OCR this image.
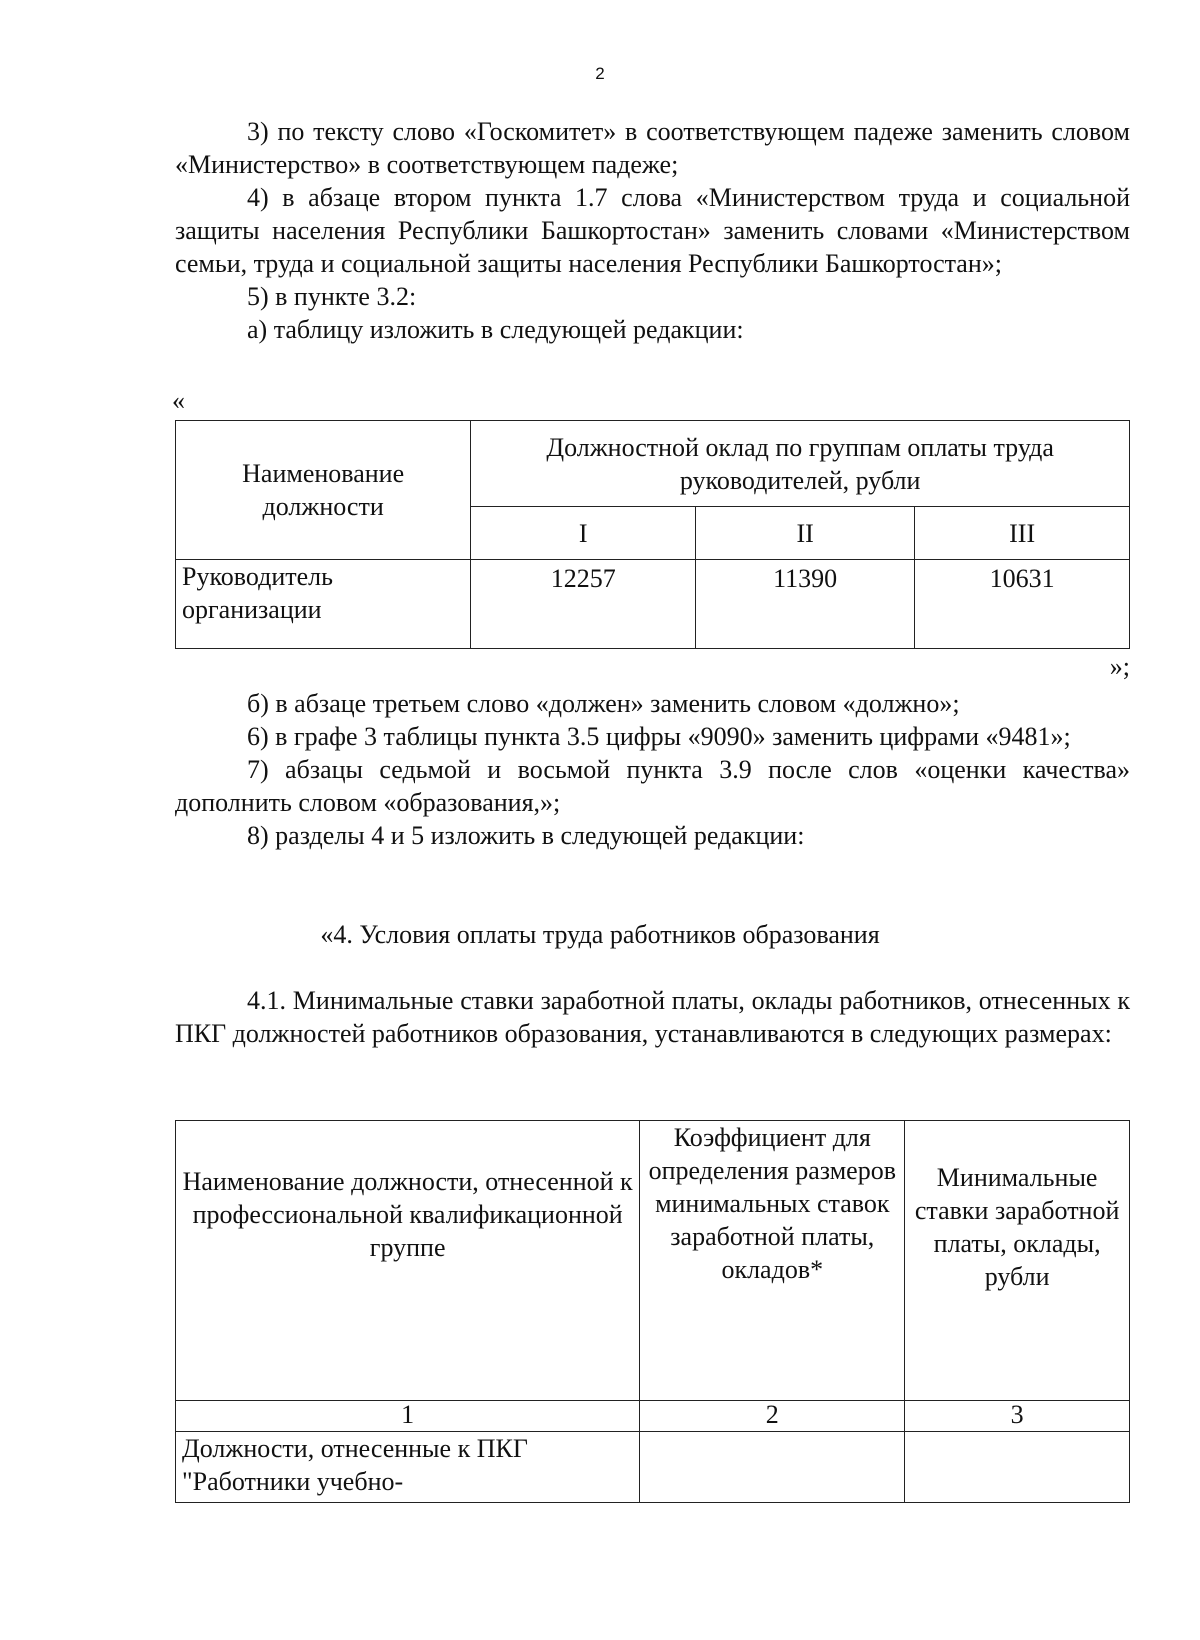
2

3) по тексту слово «Госкомитет» в соответствующем падеже заменить словом «Министерство» в соответствующем падеже;

4) в абзаце втором пункта 1.7 слова «Министерством труда и социальной защиты населения Республики Башкортостан» заменить словами «Министерством семьи, труда и социальной защиты населения Республики Башкортостан»;

5) в пункте 3.2:

а) таблицу изложить в следующей редакции:

«
Наименование должности	Должностной оклад по группам оплаты труда руководителей, рубли		
	I	II	III
Руководитель организации	12257	11390	10631
»;

б) в абзаце третьем слово «должен» заменить словом «должно»;

6) в графе 3 таблицы пункта 3.5 цифры «9090» заменить цифрами «9481»;

7) абзацы седьмой и восьмой пункта 3.9 после слов «оценки качества» дополнить словом «образования,»;

8) разделы 4 и 5 изложить в следующей редакции:

«4. Условия оплаты труда работников образования

4.1. Минимальные ставки заработной платы, оклады работников, отнесенных к ПКГ должностей работников образования, устанавливаются в следующих размерах:

Наименование должности, отнесенной к профессиональной квалификационной группе	Коэффициент для определения размеров минимальных ставок заработной платы, окладов*	Минимальные ставки заработной платы, оклады, рубли
1	2	3
Должности, отнесенные к ПКГ "Работники учебно-		
